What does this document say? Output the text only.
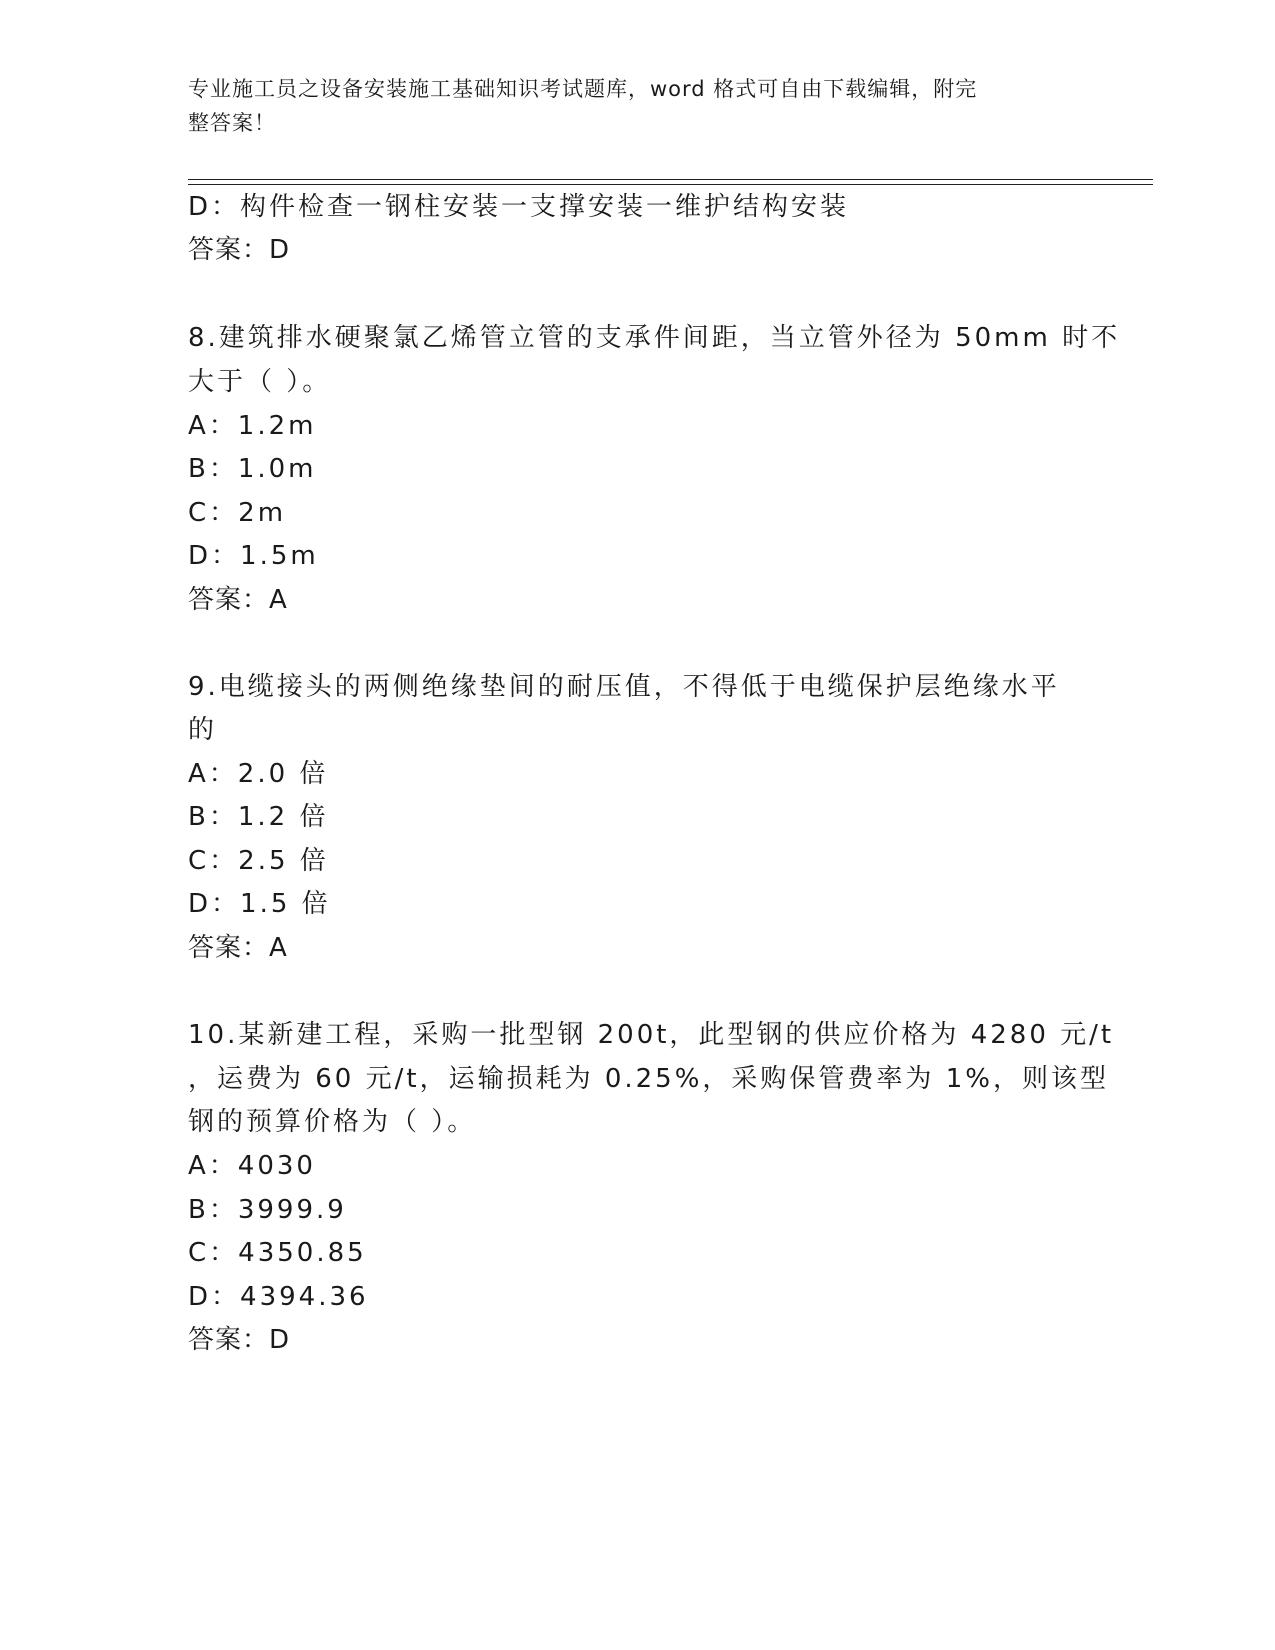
专业施工员之设备安装施工基础知识考试题库，word 格式可自由下载编辑，附完
整答案！
D：构件检查一钢柱安装一支撑安装一维护结构安装
答案：D
8.建筑排水硬聚氯乙烯管立管的支承件间距，当立管外径为 50mm 时不
大于（ ）。
A：1.2m
B：1.0m
C：2m
D：1.5m
答案：A
9.电缆接头的两侧绝缘垫间的耐压值，不得低于电缆保护层绝缘水平
的
A：2.0 倍
B：1.2 倍
C：2.5 倍
D：1.5 倍
答案：A
10.某新建工程，采购一批型钢 200t，此型钢的供应价格为 4280 元/t
，运费为 60 元/t，运输损耗为 0.25%，采购保管费率为 1%，则该型
钢的预算价格为（ ）。
A：4030
B：3999.9
C：4350.85
D：4394.36
答案：D
